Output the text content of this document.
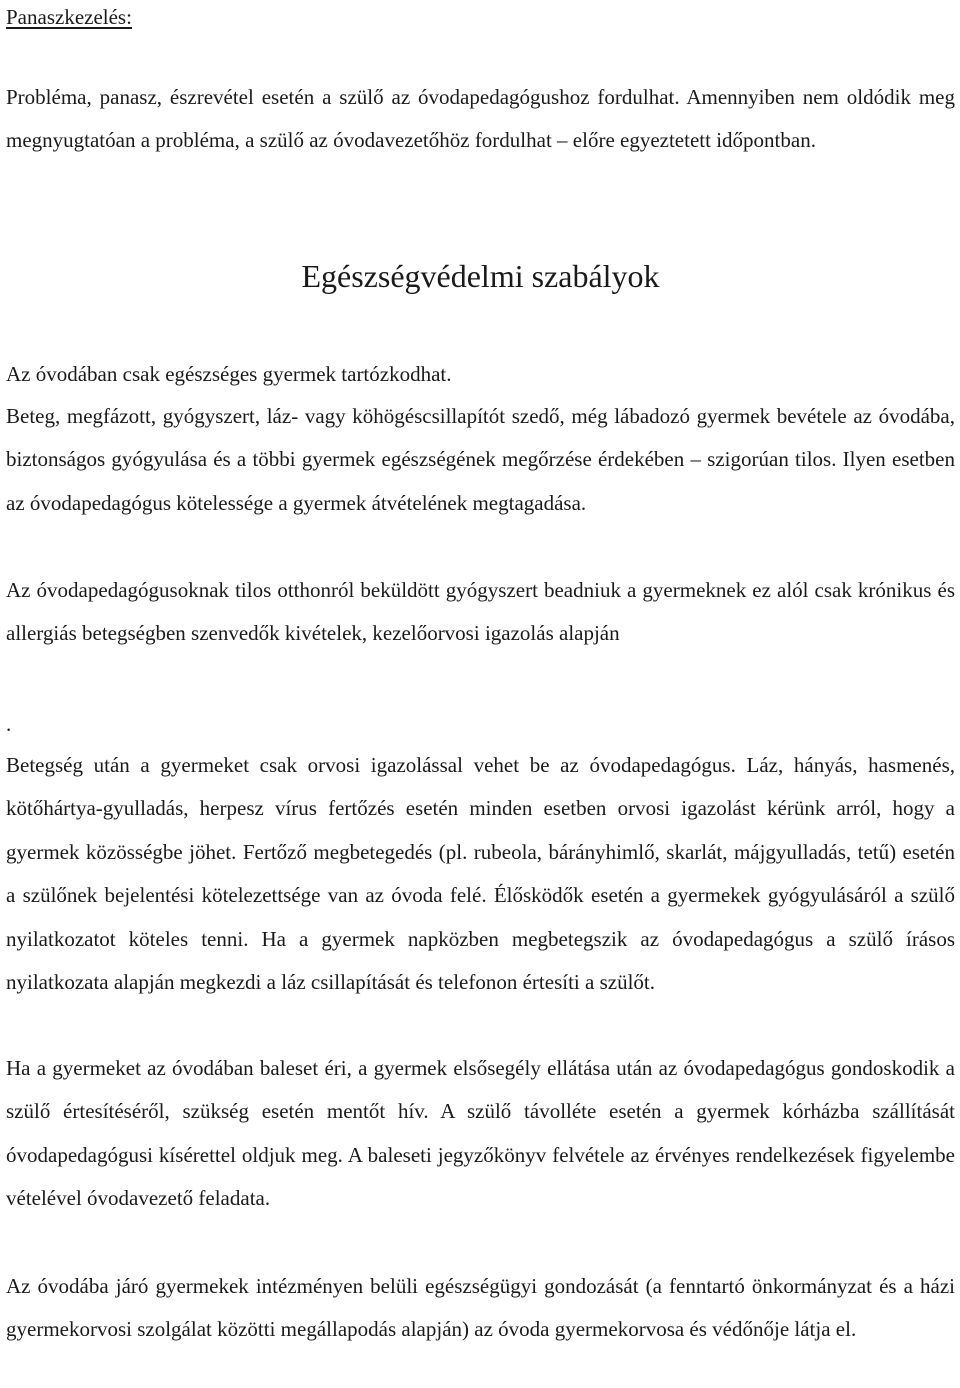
Panaszkezelés:

Probléma, panasz, észrevétel esetén a szülő az óvodapedagógushoz fordulhat. Amennyiben nem oldódik meg megnyugtatóan a probléma, a szülő az óvodavezetőhöz fordulhat – előre egyeztetett időpontban.

Egészségvédelmi szabályok
Az óvodában csak egészséges gyermek tartózkodhat.

Beteg, megfázott, gyógyszert, láz- vagy köhögéscsillapítót szedő, még lábadozó gyermek bevétele az óvodába, biztonságos gyógyulása és a többi gyermek egészségének megőrzése érdekében – szigorúan tilos. Ilyen esetben az óvodapedagógus kötelessége a gyermek átvételének megtagadása.

Az óvodapedagógusoknak tilos otthonról beküldött gyógyszert beadniuk a gyermeknek ez alól csak krónikus és allergiás betegségben szenvedők kivételek, kezelőorvosi igazolás alapján

.

Betegség után a gyermeket csak orvosi igazolással vehet be az óvodapedagógus. Láz, hányás, hasmenés, kötőhártya-gyulladás, herpesz vírus fertőzés esetén minden esetben orvosi igazolást kérünk arról, hogy a gyermek közösségbe jöhet. Fertőző megbetegedés (pl. rubeola, bárányhimlő, skarlát, májgyulladás, tetű) esetén a szülőnek bejelentési kötelezettsége van az óvoda felé. Élősködők esetén a gyermekek gyógyulásáról a szülő nyilatkozatot köteles tenni. Ha a gyermek napközben megbetegszik az óvodapedagógus a szülő írásos nyilatkozata alapján megkezdi a láz csillapítását és telefonon értesíti a szülőt.

Ha a gyermeket az óvodában baleset éri, a gyermek elsősegély ellátása után az óvodapedagógus gondoskodik a szülő értesítéséről, szükség esetén mentőt hív. A szülő távolléte esetén a gyermek kórházba szállítását óvodapedagógusi kísérettel oldjuk meg. A baleseti jegyzőkönyv felvétele az érvényes rendelkezések figyelembe vételével óvodavezető feladata.

Az óvodába járó gyermekek intézményen belüli egészségügyi gondozását (a fenntartó önkormányzat és a házi gyermekorvosi szolgálat közötti megállapodás alapján) az óvoda gyermekorvosa és védőnője látja el.
